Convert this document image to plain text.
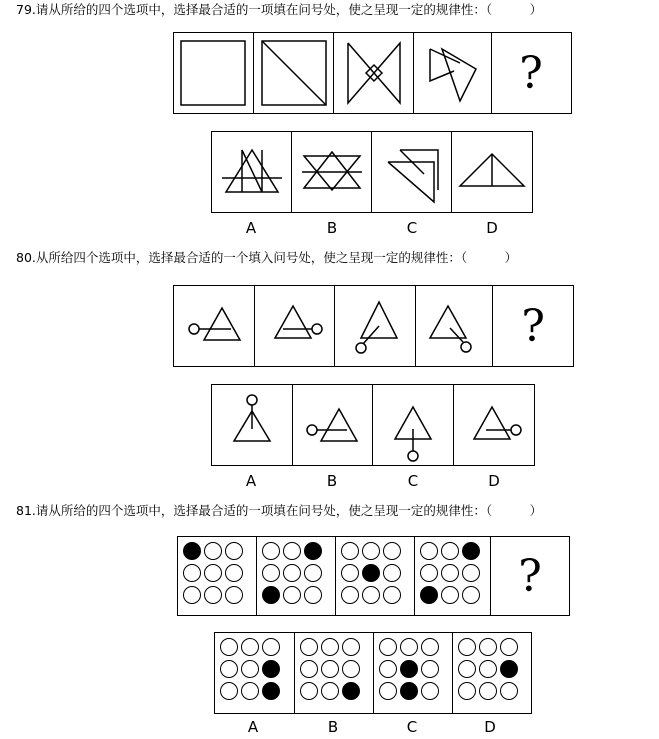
79.请从所给的四个选项中，选择最合适的一项填在问号处，使之呈现一定的规律性：（　　　）
?
A	B	C	D
80.从所给四个选项中，选择最合适的一个填入问号处，使之呈现一定的规律性：（　　　）
?
A	B	C	D
81.请从所给的四个选项中，选择最合适的一项填在问号处，使之呈现一定的规律性：（　　　）
?
A	B	C	D
